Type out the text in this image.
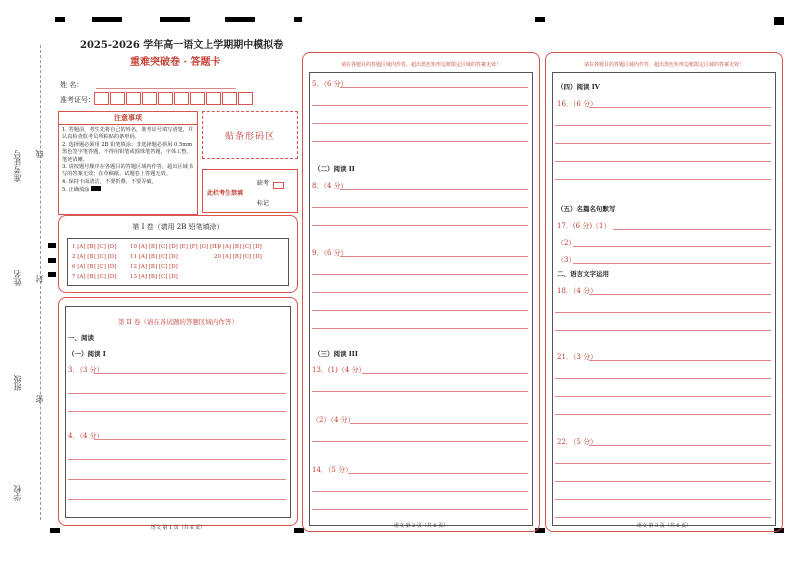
准考证号 线
姓名 封
班级
密
学校
2025-2026 学年高一语文上学期期中模拟卷
重难突破卷 · 答题卡
姓 名：
准考证号：
注意事项
1. 答题前，考生先将自己的姓名，准考证号填写清楚，并认真检查监考员所粘贴的条形码。
2. 选择题必须用 2B 铅笔填涂；非选择题必须用 0.5mm 黑色签字笔答题，不得用铅笔或圆珠笔答题，字体工整、笔迹清晰。
3. 请按题号顺序在各题目的答题区域内作答，超出区域书写的答案无效；在草稿纸、试题卷上答题无效。
4. 保持卡面清洁，不要折叠、不要弄破。
5. 正确填涂
贴条形码区
此栏考生禁填
缺考
标记
第 I 卷（请用 2B 铅笔填涂）
1 [A] [B] [C] [D]
2 [A] [B] [C] [D]
6 [A] [B] [C] [D]
7 [A] [B] [C] [D]
10 [A] [B] [C] [D] [E] [F] [G] [H]
11 [A] [B] [C] [D]
12 [A] [B] [C] [D]
13 [A] [B] [C] [D]
19 [A] [B] [C] [D]
20 [A] [B] [C] [D]
第 II 卷（请在各试题的答题区域内作答）
一、阅读
（一）阅读 I
3．（3 分）
4．（4 分）
语文 第 1 页（共 6 页）
请在各题目的答题区域内作答，超出黑色矩形边框限定区域的答案无效！
5．（6 分）
（二）阅读 II
8．（4 分）
9．（6 分）
（三）阅读 III
13．(1)（4 分）
（2）（4 分）
14．（5 分）
语文 第 2 页（共 6 页）
请在各题目的答题区域内作答，超出黑色矩形边框限定区域的答案无效！
（四）阅读 IV
16．（6 分）
（五）名篇名句默写
17．(6 分)（1）
（2）
（3）
二、语言文字运用
18．（4 分）
21．（3 分）
22．（5 分）
语文 第 3 页（共 6 页）
